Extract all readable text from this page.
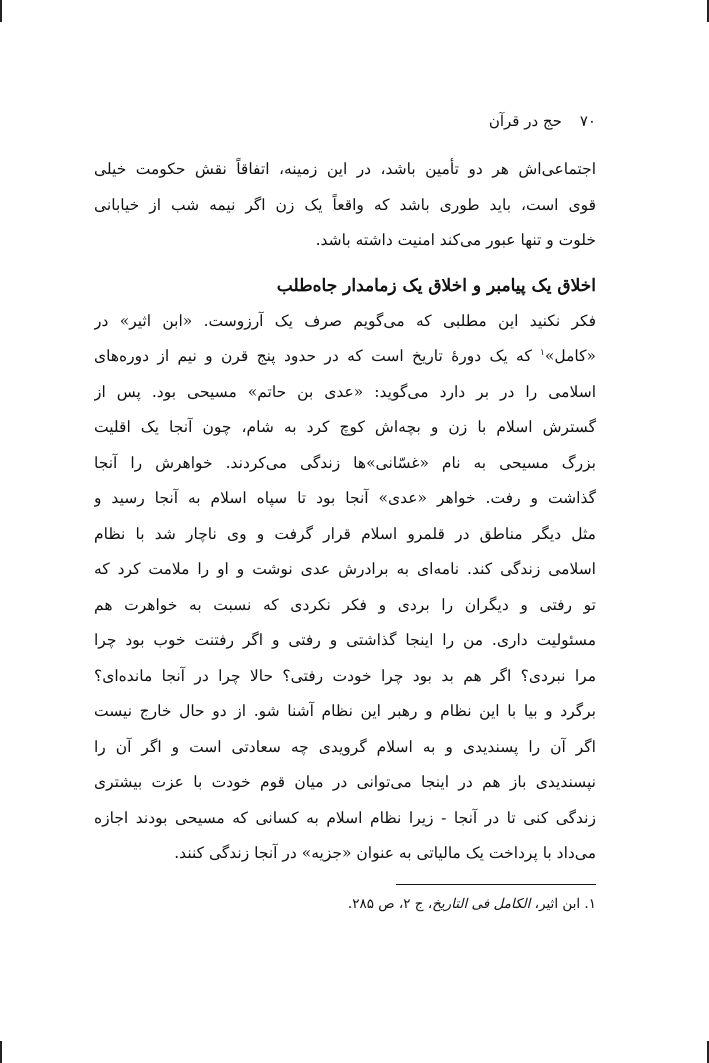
۷۰
حج در قرآن
اجتماعی‌اش هر دو تأمین باشد، در این زمینه، اتفاقاً نقش حکومت خیلی
قوی است، باید طوری باشد که واقعاً یک زن اگر نیمه شب از خیابانی
خلوت و تنها عبور می‌کند امنیت داشته باشد.
اخلاق یک پیامبر و اخلاق یک زمامدار جاه‌طلب
فکر نکنید این مطلبی که می‌گویم صرف یک آرزوست. «ابن اثیر» در
«کامل»$^۱$ که یک دورهٔ تاریخ است که در حدود پنج قرن و نیم از دوره‌های
اسلامی را در بر دارد می‌گوید: «عدی بن حاتم» مسیحی بود. پس از
گسترش اسلام با زن و بچه‌اش کوچ کرد به شام، چون آنجا یک اقلیت
بزرگ مسیحی به نام «غسّانی»ها زندگی می‌کردند. خواهرش را آنجا
گذاشت و رفت. خواهر «عدی» آنجا بود تا سپاه اسلام به آنجا رسید و
مثل دیگر مناطق در قلمرو اسلام قرار گرفت و وی ناچار شد با نظام
اسلامی زندگی کند. نامه‌ای به برادرش عدی نوشت و او را ملامت کرد که
تو رفتی و دیگران را بردی و فکر نکردی که نسبت به خواهرت هم
مسئولیت داری. من را اینجا گذاشتی و رفتی و اگر رفتنت خوب بود چرا
مرا نبردی؟ اگر هم بد بود چرا خودت رفتی؟ حالا چرا در آنجا مانده‌ای؟
برگرد و بیا با این نظام و رهبر این نظام آشنا شو. از دو حال خارج نیست
اگر آن را پسندیدی و به اسلام گرویدی چه سعادتی است و اگر آن را
نپسندیدی باز هم در اینجا می‌توانی در میان قوم خودت با عزت بیشتری
زندگی کنی تا در آنجا - زیرا نظام اسلام به کسانی که مسیحی بودند اجازه
می‌داد با پرداخت یک مالیاتی به عنوان «جزیه» در آنجا زندگی کنند.
۱. ابن اثیر، الکامل فی التاریخ، ج ۲، ص ۲۸۵.
